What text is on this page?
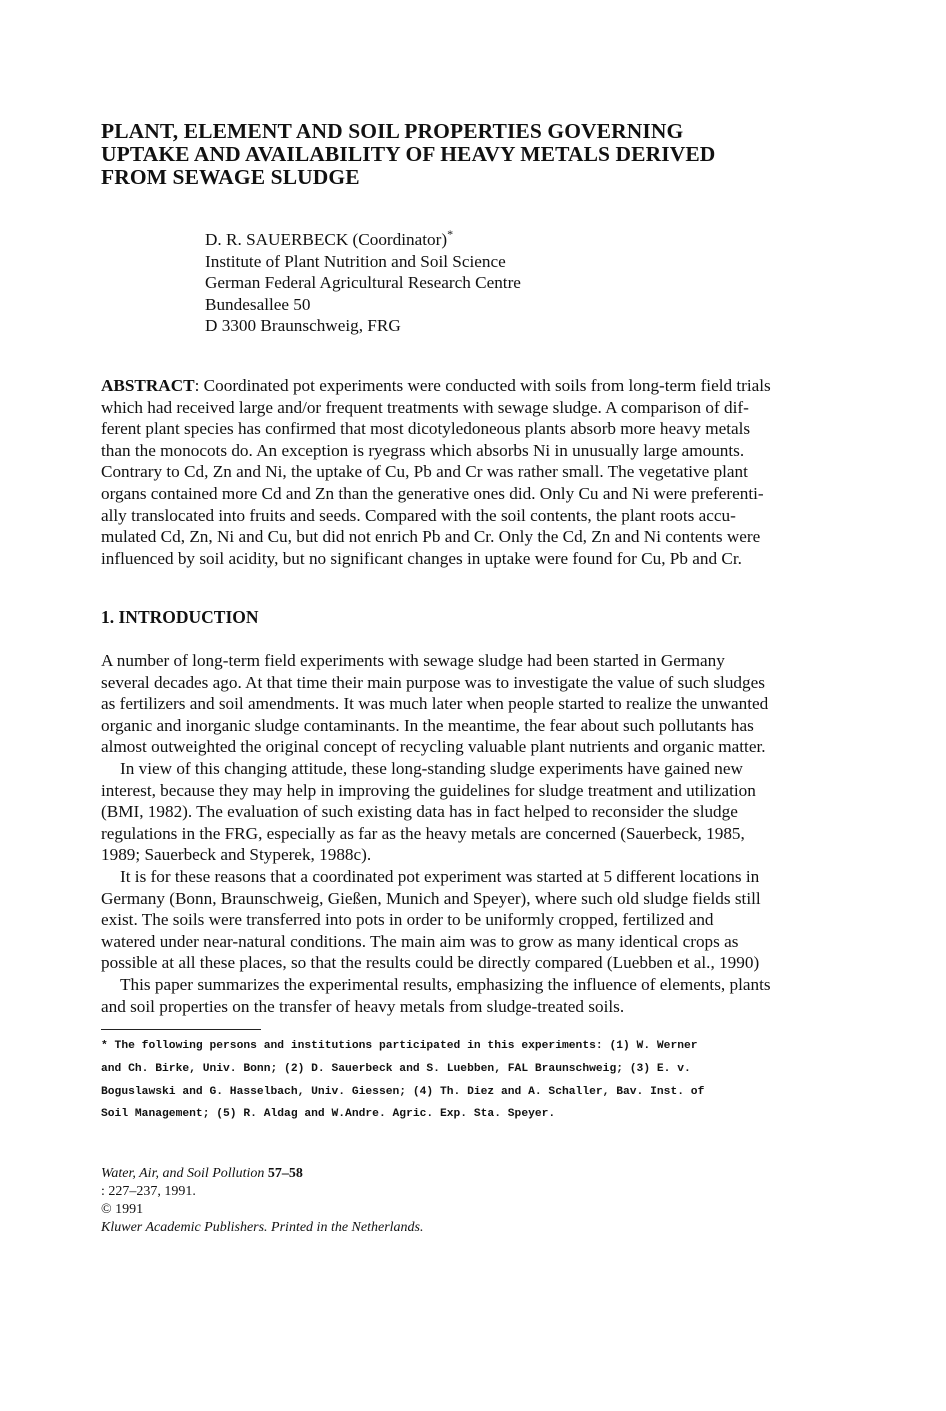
PLANT, ELEMENT AND SOIL PROPERTIES GOVERNING
UPTAKE AND AVAILABILITY OF HEAVY METALS DERIVED
FROM SEWAGE SLUDGE
D. R. SAUERBECK (Coordinator)*
Institute of Plant Nutrition and Soil Science
German Federal Agricultural Research Centre
Bundesallee 50
D 3300 Braunschweig, FRG
ABSTRACT: Coordinated pot experiments were conducted with soils from long-term field trials
which had received large and/or frequent treatments with sewage sludge. A comparison of dif-
ferent plant species has confirmed that most dicotyledoneous plants absorb more heavy metals
than the monocots do. An exception is ryegrass which absorbs Ni in unusually large amounts.
Contrary to Cd, Zn and Ni, the uptake of Cu, Pb and Cr was rather small. The vegetative plant
organs contained more Cd and Zn than the generative ones did. Only Cu and Ni were preferenti-
ally translocated into fruits and seeds. Compared with the soil contents, the plant roots accu-
mulated Cd, Zn, Ni and Cu, but did not enrich Pb and Cr. Only the Cd, Zn and Ni contents were
influenced by soil acidity, but no significant changes in uptake were found for Cu, Pb and Cr.
1. INTRODUCTION
A number of long-term field experiments with sewage sludge had been started in Germany
several decades ago. At that time their main purpose was to investigate the value of such sludges
as fertilizers and soil amendments. It was much later when people started to realize the unwanted
organic and inorganic sludge contaminants. In the meantime, the fear about such pollutants has
almost outweighted the original concept of recycling valuable plant nutrients and organic matter.
In view of this changing attitude, these long-standing sludge experiments have gained new
interest, because they may help in improving the guidelines for sludge treatment and utilization
(BMI, 1982). The evaluation of such existing data has in fact helped to reconsider the sludge
regulations in the FRG, especially as far as the heavy metals are concerned (Sauerbeck, 1985,
1989; Sauerbeck and Styperek, 1988c).
It is for these reasons that a coordinated pot experiment was started at 5 different locations in
Germany (Bonn, Braunschweig, Gießen, Munich and Speyer), where such old sludge fields still
exist. The soils were transferred into pots in order to be uniformly cropped, fertilized and
watered under near-natural conditions. The main aim was to grow as many identical crops as
possible at all these places, so that the results could be directly compared (Luebben et al., 1990)
This paper summarizes the experimental results, emphasizing the influence of elements, plants
and soil properties on the transfer of heavy metals from sludge-treated soils.
* The following persons and institutions participated in this experiments: (1) W. Werner
and Ch. Birke, Univ. Bonn; (2) D. Sauerbeck and S. Luebben, FAL Braunschweig; (3) E. v.
Boguslawski and G. Hasselbach, Univ. Giessen; (4) Th. Diez and A. Schaller, Bav. Inst. of
Soil Management; (5) R. Aldag and W.Andre. Agric. Exp. Sta. Speyer.
Water, Air, and Soil Pollution 57–58
: 227–237, 1991.
© 1991
Kluwer Academic Publishers. Printed in the Netherlands.
